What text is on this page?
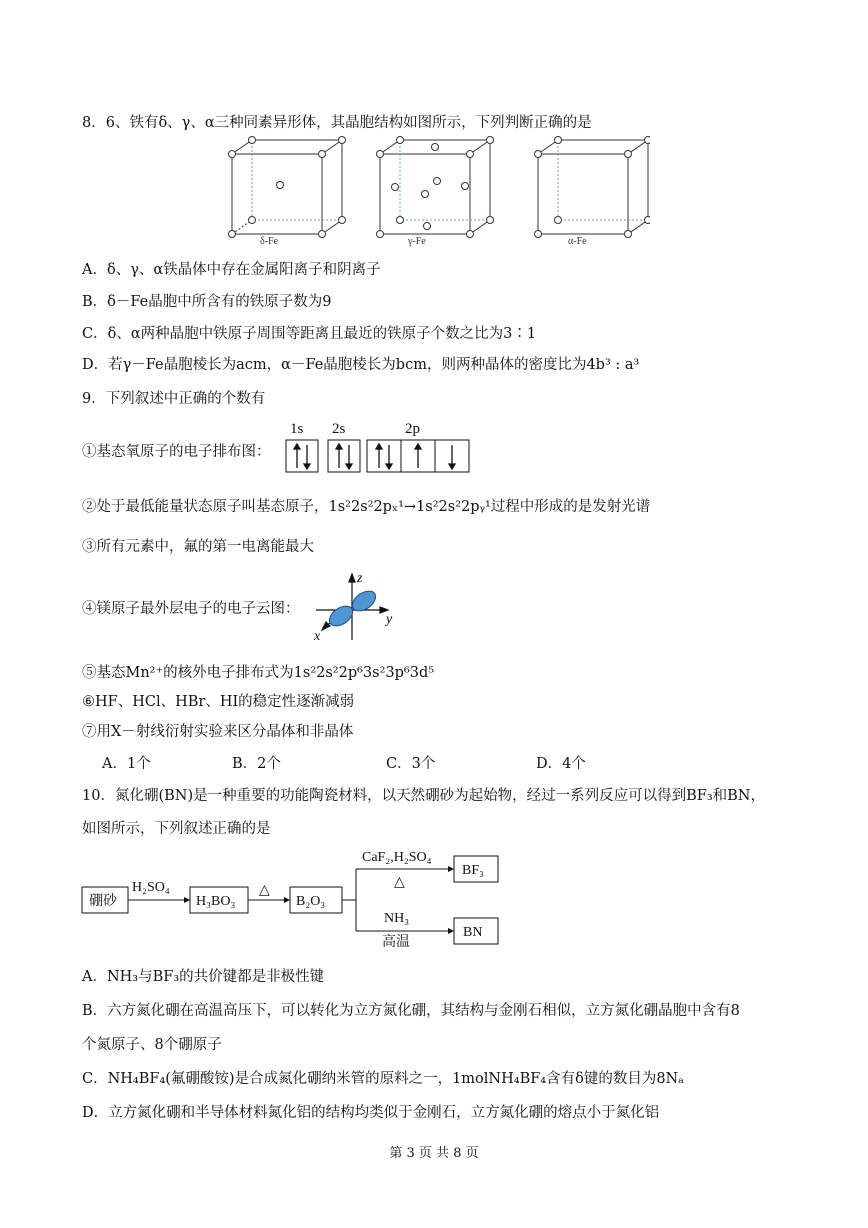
8．6、铁有δ、γ、α三种同素异形体，其晶胞结构如图所示，下列判断正确的是
δ-Fe	γ-Fe	α-Fe
A．δ、γ、α铁晶体中存在金属阳离子和阴离子
B．δ－Fe晶胞中所含有的铁原子数为9
C．δ、α两种晶胞中铁原子周围等距离且最近的铁原子个数之比为3∶1
D．若γ－Fe晶胞棱长为acm，α－Fe晶胞棱长为bcm，则两种晶体的密度比为4b³ : a³
9．下列叙述中正确的个数有
①基态氧原子的电子排布图：
1s 2s	2p
②处于最低能量状态原子叫基态原子，1s²2s²2pₓ¹→1s²2s²2pᵧ¹过程中形成的是发射光谱
③所有元素中，氟的第一电离能最大
④镁原子最外层电子的电子云图：
z
y
x
⑤基态Mn²⁺的核外电子排布式为1s²2s²2p⁶3s²3p⁶3d⁵
⑥HF、HCl、HBr、HI的稳定性逐渐减弱
⑦用X－射线衍射实验来区分晶体和非晶体
A．1个	B．2个	C．3个	D．4个
10．氮化硼(BN)是一种重要的功能陶瓷材料，以天然硼砂为起始物，经过一系列反应可以得到BF₃和BN，
如图所示，下列叙述正确的是
硼砂
H₂SO₄
H₃BO₃
△
B₂O₃
CaF₂,H₂SO₄
△
BF₃
NH₃
高温
BN
A．NH₃与BF₃的共价键都是非极性键
B．六方氮化硼在高温高压下，可以转化为立方氮化硼，其结构与金刚石相似，立方氮化硼晶胞中含有8
个氮原子、8个硼原子
C．NH₄BF₄(氟硼酸铵)是合成氮化硼纳米管的原料之一，1molNH₄BF₄含有δ键的数目为8Nₐ
D．立方氮化硼和半导体材料氮化铝的结构均类似于金刚石，立方氮化硼的熔点小于氮化铝
第 3 页 共 8 页
